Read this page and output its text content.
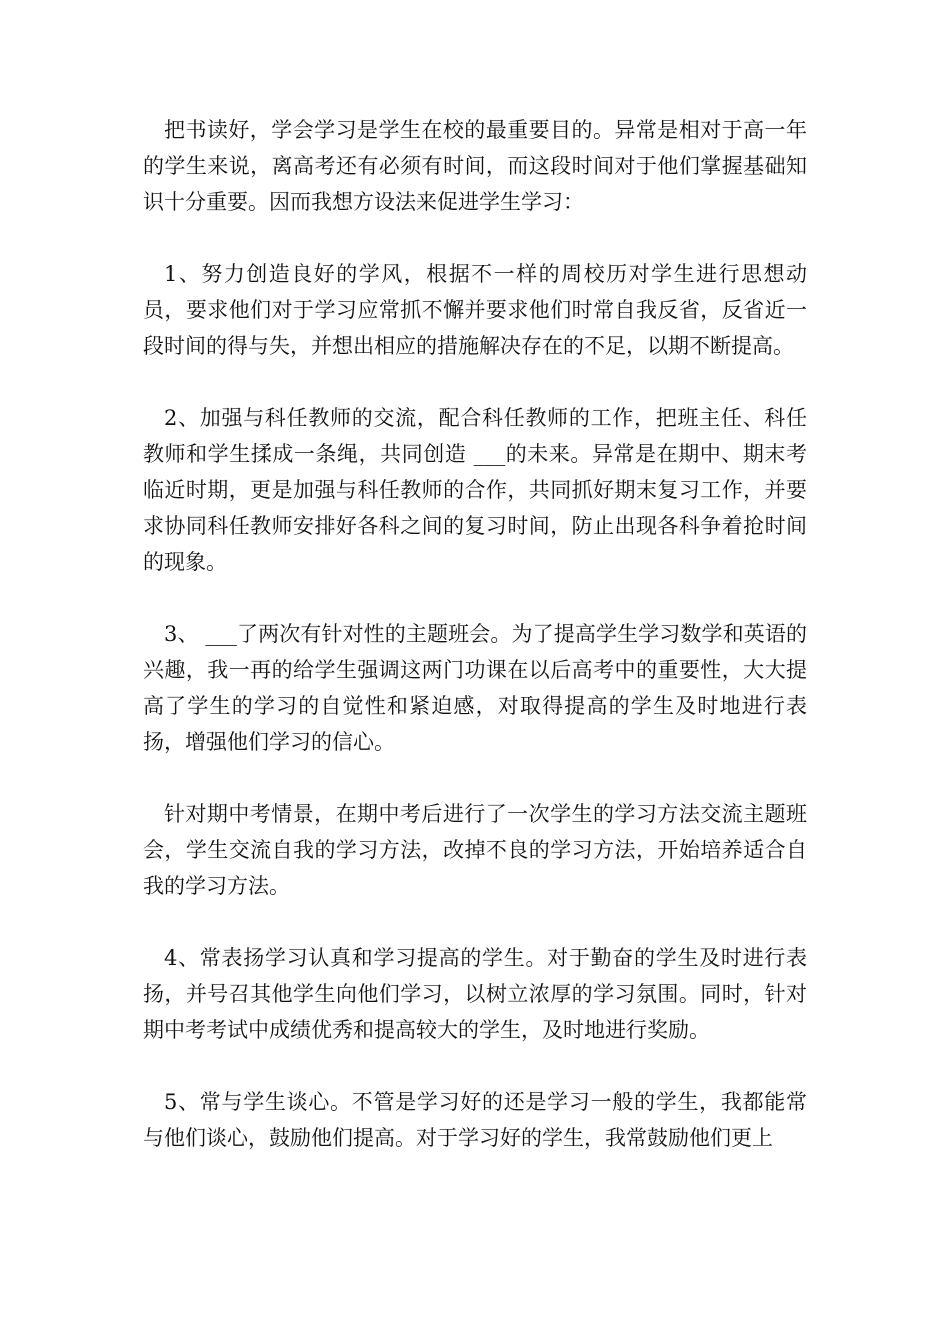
把书读好，学会学习是学生在校的最重要目的。异常是相对于高一年的学生来说，离高考还有必须有时间，而这段时间对于他们掌握基础知识十分重要。因而我想方设法来促进学生学习：

1、努力创造良好的学风，根据不一样的周校历对学生进行思想动员，要求他们对于学习应常抓不懈并要求他们时常自我反省，反省近一段时间的得与失，并想出相应的措施解决存在的不足，以期不断提高。

2、加强与科任教师的交流，配合科任教师的工作，把班主任、科任教师和学生揉成一条绳，共同创造 ___的未来。异常是在期中、期末考临近时期，更是加强与科任教师的合作，共同抓好期末复习工作，并要求协同科任教师安排好各科之间的复习时间，防止出现各科争着抢时间的现象。

3、 ___了两次有针对性的主题班会。为了提高学生学习数学和英语的兴趣，我一再的给学生强调这两门功课在以后高考中的重要性，大大提高了学生的学习的自觉性和紧迫感，对取得提高的学生及时地进行表扬，增强他们学习的信心。

针对期中考情景，在期中考后进行了一次学生的学习方法交流主题班会，学生交流自我的学习方法，改掉不良的学习方法，开始培养适合自我的学习方法。

4、常表扬学习认真和学习提高的学生。对于勤奋的学生及时进行表扬，并号召其他学生向他们学习，以树立浓厚的学习氛围。同时，针对期中考考试中成绩优秀和提高较大的学生，及时地进行奖励。

5、常与学生谈心。不管是学习好的还是学习一般的学生，我都能常与他们谈心，鼓励他们提高。对于学习好的学生，我常鼓励他们更上
